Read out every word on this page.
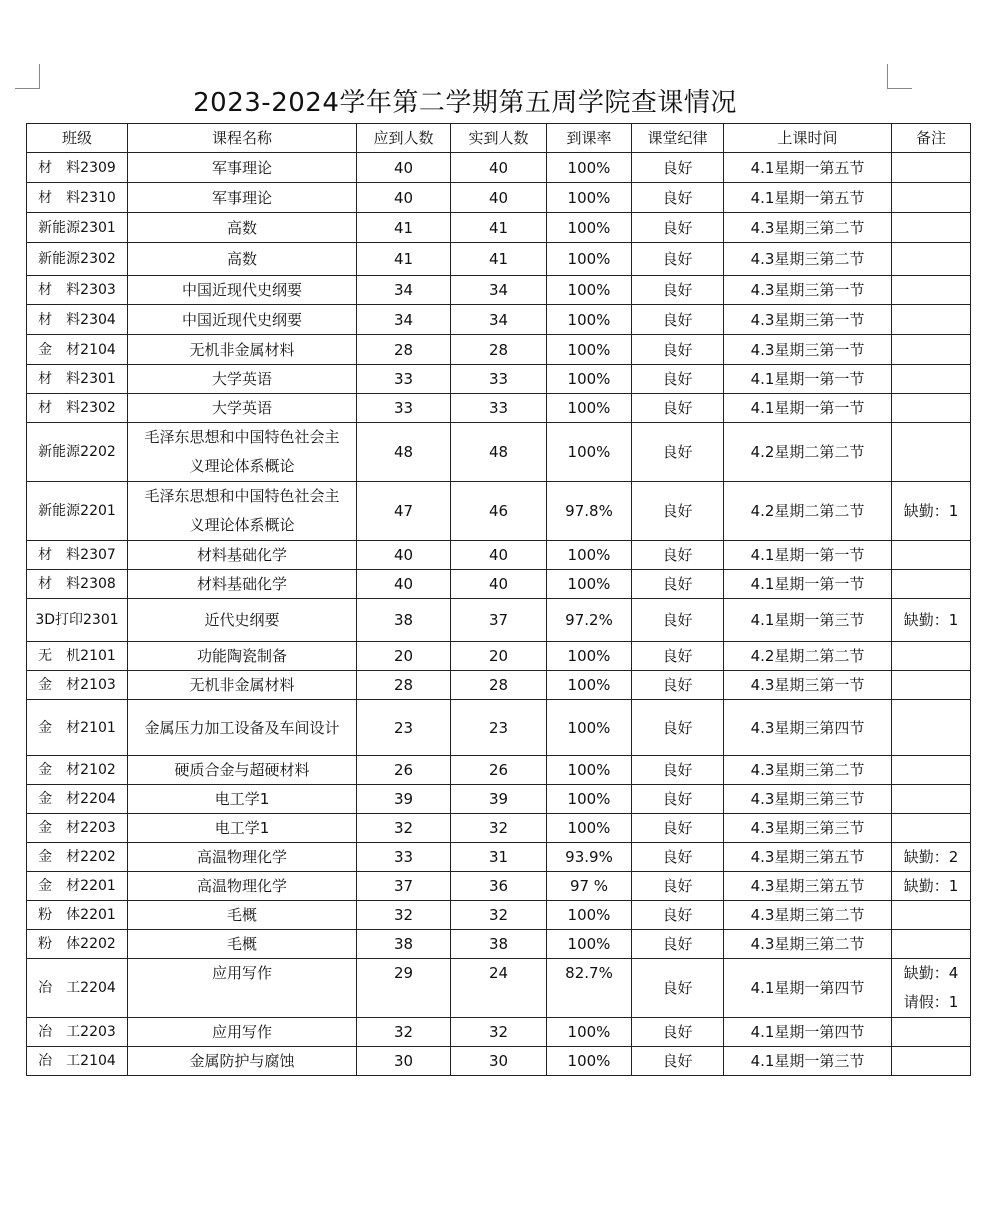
2023-2024学年第二学期第五周学院查课情况
班级	课程名称	应到人数	实到人数	到课率	课堂纪律	上课时间	备注
材　料2309	军事理论	40	40	100%	良好	4.1星期一第五节	
材　料2310	军事理论	40	40	100%	良好	4.1星期一第五节	
新能源2301	高数	41	41	100%	良好	4.3星期三第二节	
新能源2302	高数	41	41	100%	良好	4.3星期三第二节	
材　料2303	中国近现代史纲要	34	34	100%	良好	4.3星期三第一节	
材　料2304	中国近现代史纲要	34	34	100%	良好	4.3星期三第一节	
金　材2104	无机非金属材料	28	28	100%	良好	4.3星期三第一节	
材　料2301	大学英语	33	33	100%	良好	4.1星期一第一节	
材　料2302	大学英语	33	33	100%	良好	4.1星期一第一节	
新能源2202	毛泽东思想和中国特色社会主
义理论体系概论	48	48	100%	良好	4.2星期二第二节	
新能源2201	毛泽东思想和中国特色社会主
义理论体系概论	47	46	97.8%	良好	4.2星期二第二节	缺勤：1
材　料2307	材料基础化学	40	40	100%	良好	4.1星期一第一节	
材　料2308	材料基础化学	40	40	100%	良好	4.1星期一第一节	
3D打印2301	近代史纲要	38	37	97.2%	良好	4.1星期一第三节	缺勤：1
无　机2101	功能陶瓷制备	20	20	100%	良好	4.2星期二第二节	
金　材2103	无机非金属材料	28	28	100%	良好	4.3星期三第一节	
金　材2101	金属压力加工设备及车间设计	23	23	100%	良好	4.3星期三第四节	
金　材2102	硬质合金与超硬材料	26	26	100%	良好	4.3星期三第二节	
金　材2204	电工学1	39	39	100%	良好	4.3星期三第三节	
金　材2203	电工学1	32	32	100%	良好	4.3星期三第三节	
金　材2202	高温物理化学	33	31	93.9%	良好	4.3星期三第五节	缺勤：2
金　材2201	高温物理化学	37	36	97 %	良好	4.3星期三第五节	缺勤：1
粉　体2201	毛概	32	32	100%	良好	4.3星期三第二节	
粉　体2202	毛概	38	38	100%	良好	4.3星期三第二节	
冶　工2204	应用写作	29	24	82.7%	良好	4.1星期一第四节	缺勤：4
请假：1

冶　工2203	应用写作	32	32	100%	良好	4.1星期一第四节	
冶　工2104	金属防护与腐蚀	30	30	100%	良好	4.1星期一第三节	
